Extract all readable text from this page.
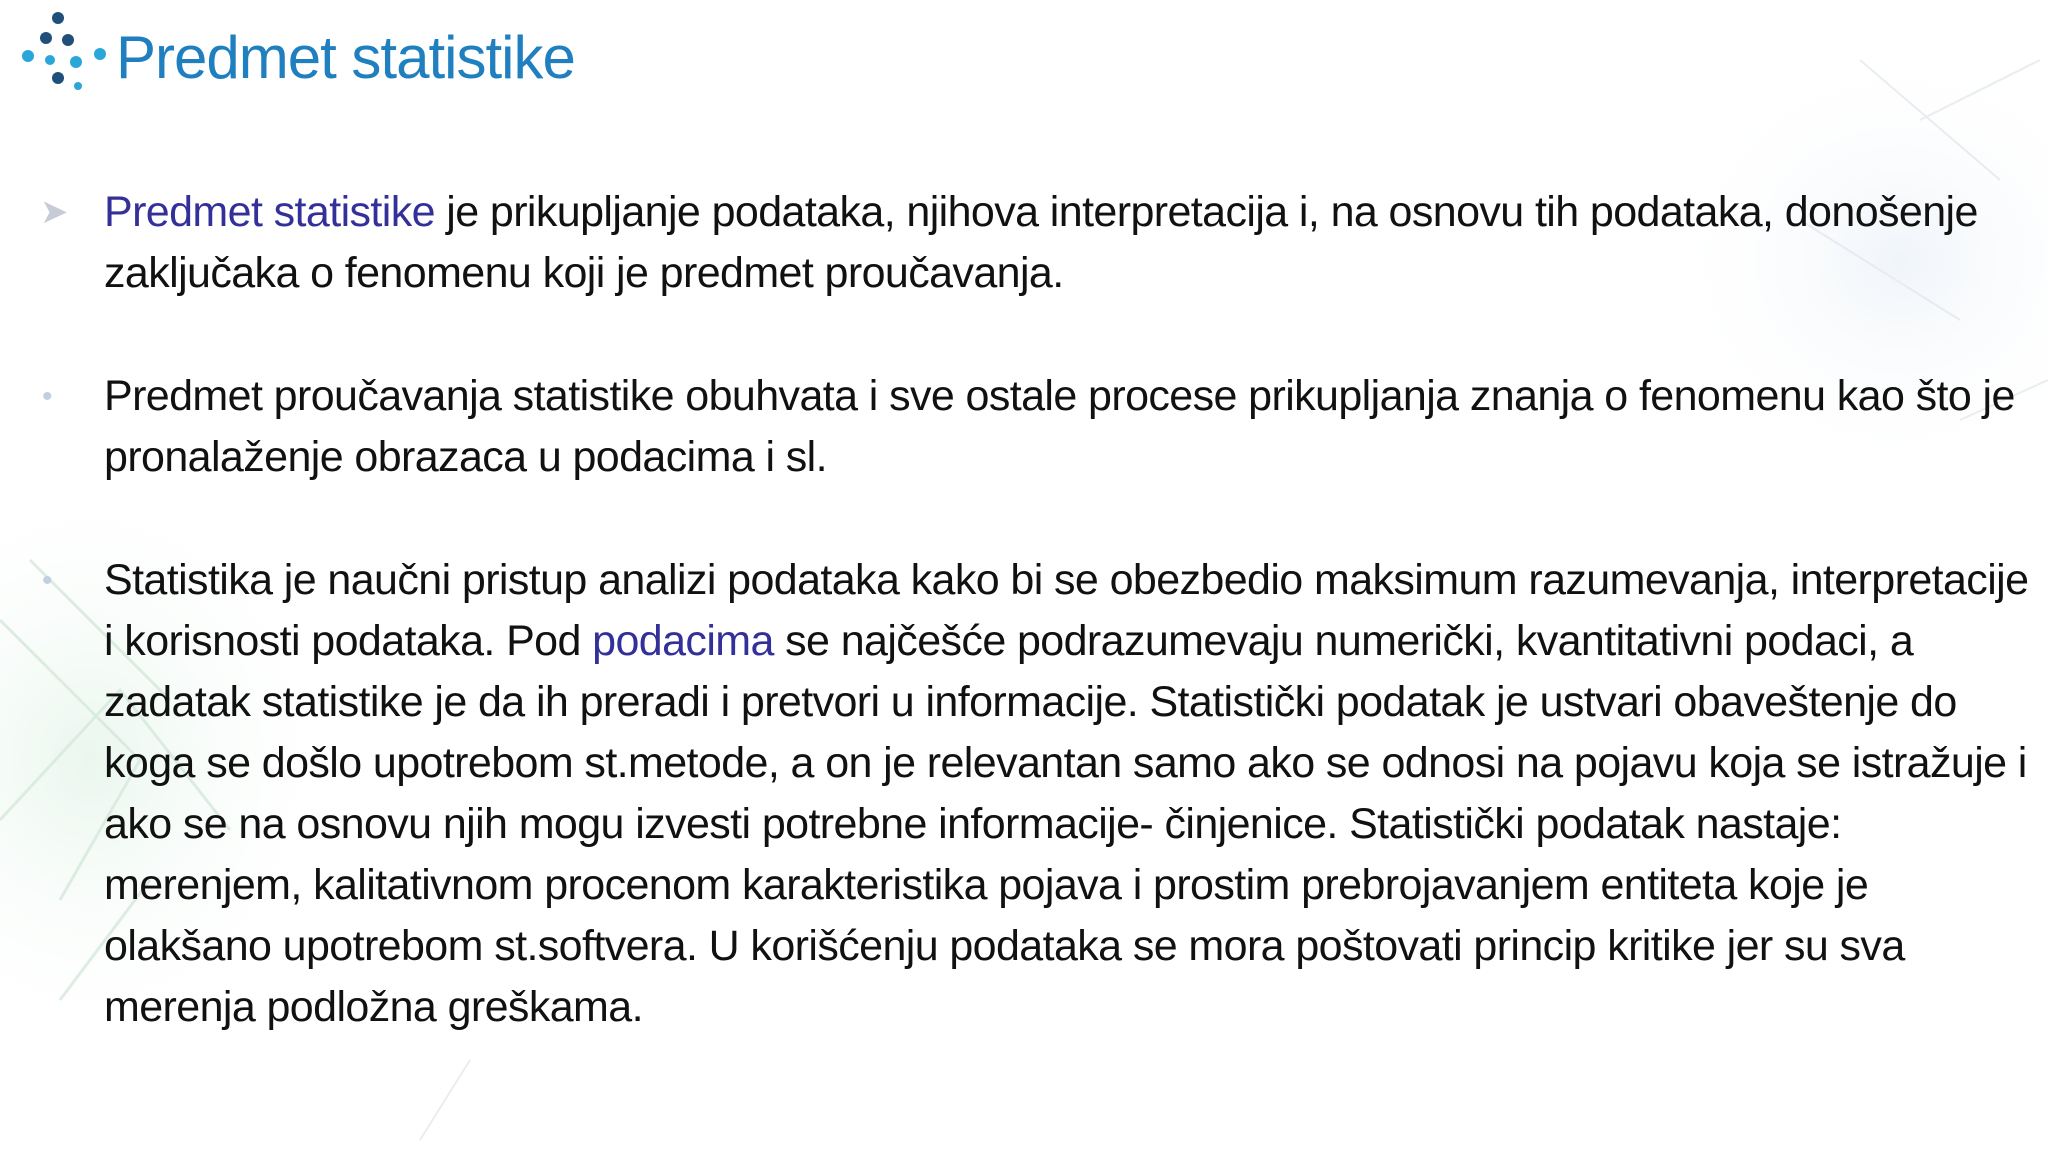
Predmet statistike
➤ Predmet statistike je prikupljanje podataka, njihova interpretacija i, na osnovu tih podataka, donošenje zaključaka o fenomenu koji je predmet proučavanja.
•	Predmet proučavanja statistike obuhvata i sve ostale procese prikupljanja znanja o fenomenu kao što je pronalaženje obrazaca u podacima i sl.
•	Statistika je naučni pristup analizi podataka kako bi se obezbedio maksimum razumevanja, interpretacije i korisnosti podataka. Pod podacima se najčešće podrazumevaju numerički, kvantitativni podaci, a zadatak statistike je da ih preradi i pretvori u informacije. Statistički podatak je ustvari obaveštenje do koga se došlo upotrebom st.metode, a on je relevantan samo ako se odnosi na pojavu koja se istražuje i ako se na osnovu njih mogu izvesti potrebne informacije- činjenice. Statistički podatak nastaje: merenjem, kalitativnom procenom karakteristika pojava i prostim prebrojavanjem entiteta koje je olakšano upotrebom st.softvera. U korišćenju podataka se mora poštovati princip kritike jer su sva merenja podložna greškama.
